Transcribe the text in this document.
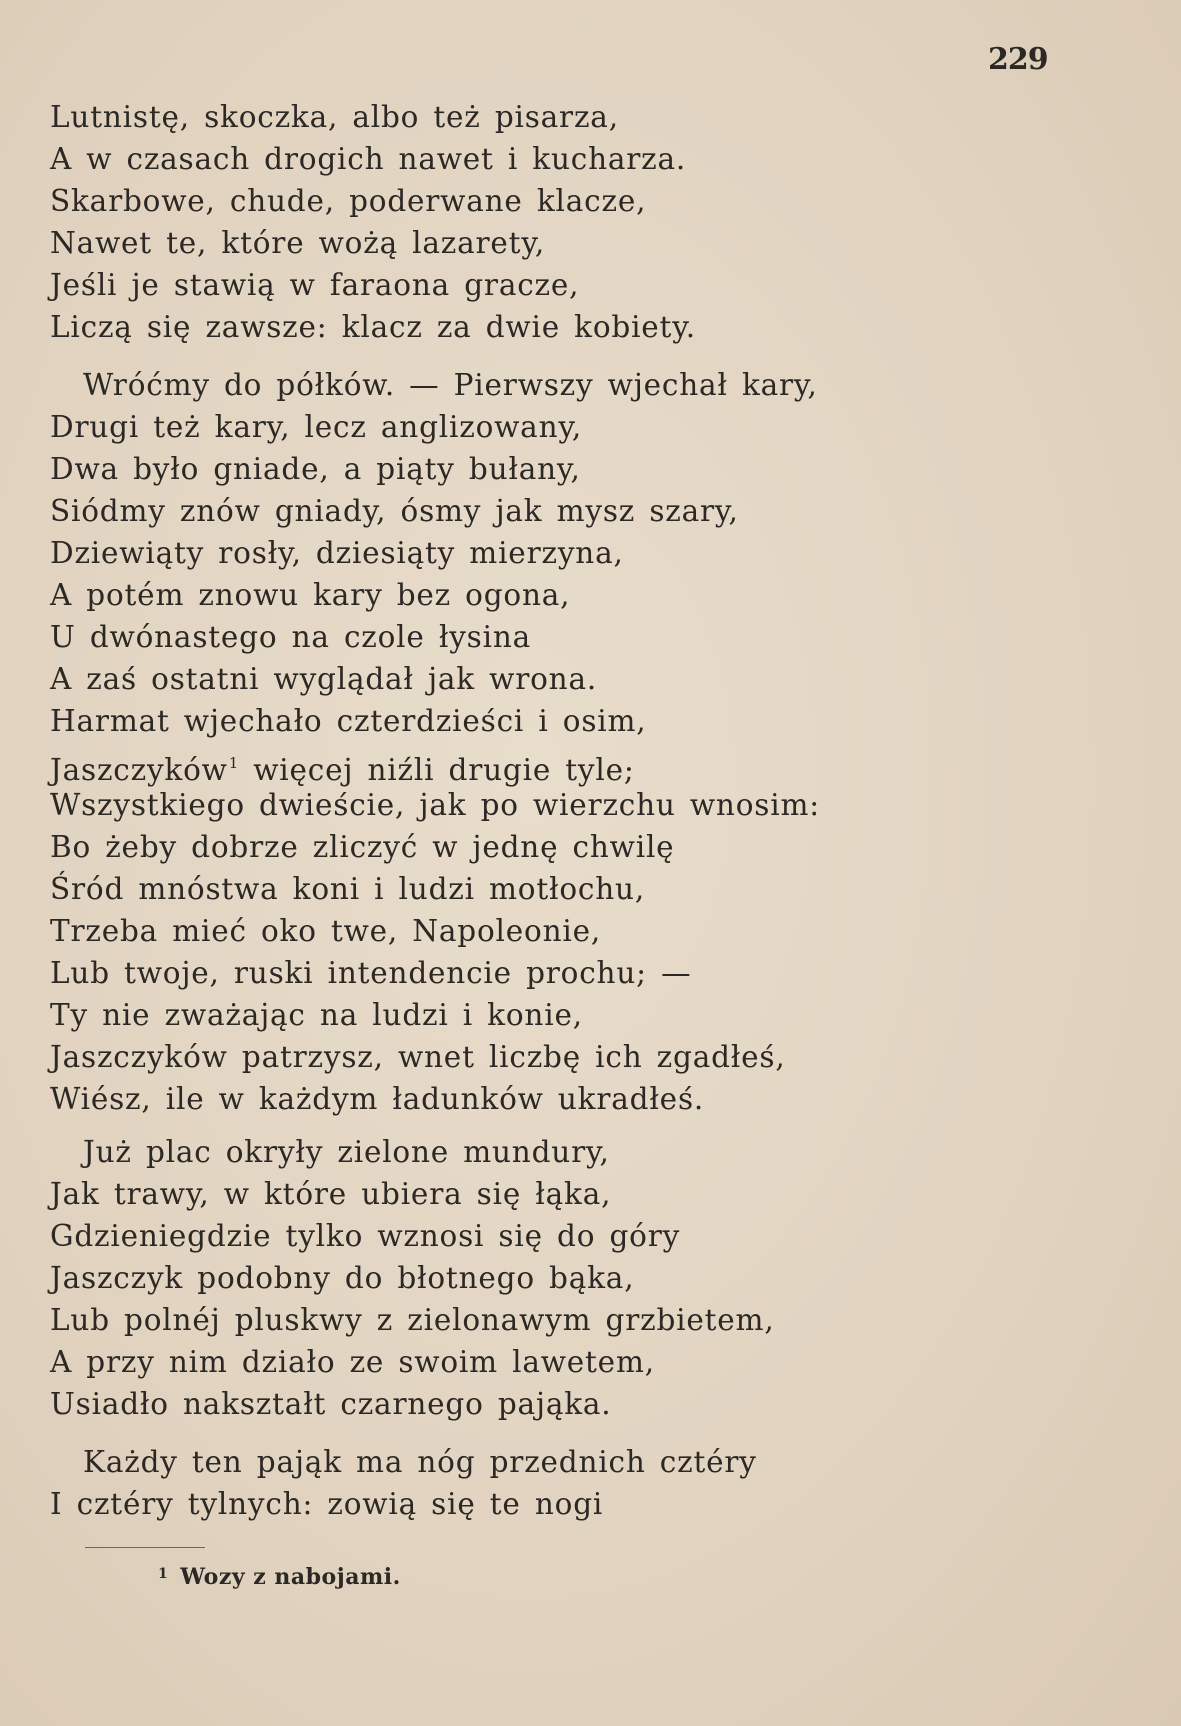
229
Lutnistę, skoczka, albo też pisarza,
A w czasach drogich nawet i kucharza.
Skarbowe, chude, poderwane klacze,
Nawet te, które wożą lazarety,
Jeśli je stawią w faraona gracze,
Liczą się zawsze: klacz za dwie kobiety.
Wróćmy do półków. — Pierwszy wjechał kary,
Drugi też kary, lecz anglizowany,
Dwa było gniade, a piąty bułany,
Siódmy znów gniady, ósmy jak mysz szary,
Dziewiąty rosły, dziesiąty mierzyna,
A potém znowu kary bez ogona,
U dwónastego na czole łysina
A zaś ostatni wyglądał jak wrona.
Harmat wjechało czterdzieści i osim,
Jaszczyków$^1$ więcej niźli drugie tyle;
Wszystkiego dwieście, jak po wierzchu wnosim:
Bo żeby dobrze zliczyć w jednę chwilę
Śród mnóstwa koni i ludzi motłochu,
Trzeba mieć oko twe, Napoleonie,
Lub twoje, ruski intendencie prochu; —
Ty nie zważając na ludzi i konie,
Jaszczyków patrzysz, wnet liczbę ich zgadłeś,
Wiész, ile w każdym ładunków ukradłeś.
Już plac okryły zielone mundury,
Jak trawy, w które ubiera się łąka,
Gdzieniegdzie tylko wznosi się do góry
Jaszczyk podobny do błotnego bąka,
Lub polnéj pluskwy z zielonawym grzbietem,
A przy nim działo ze swoim lawetem,
Usiadło nakształt czarnego pająka.
Każdy ten pająk ma nóg przednich cztéry
I cztéry tylnych: zowią się te nogi
$^1$ Wozy z nabojami.
